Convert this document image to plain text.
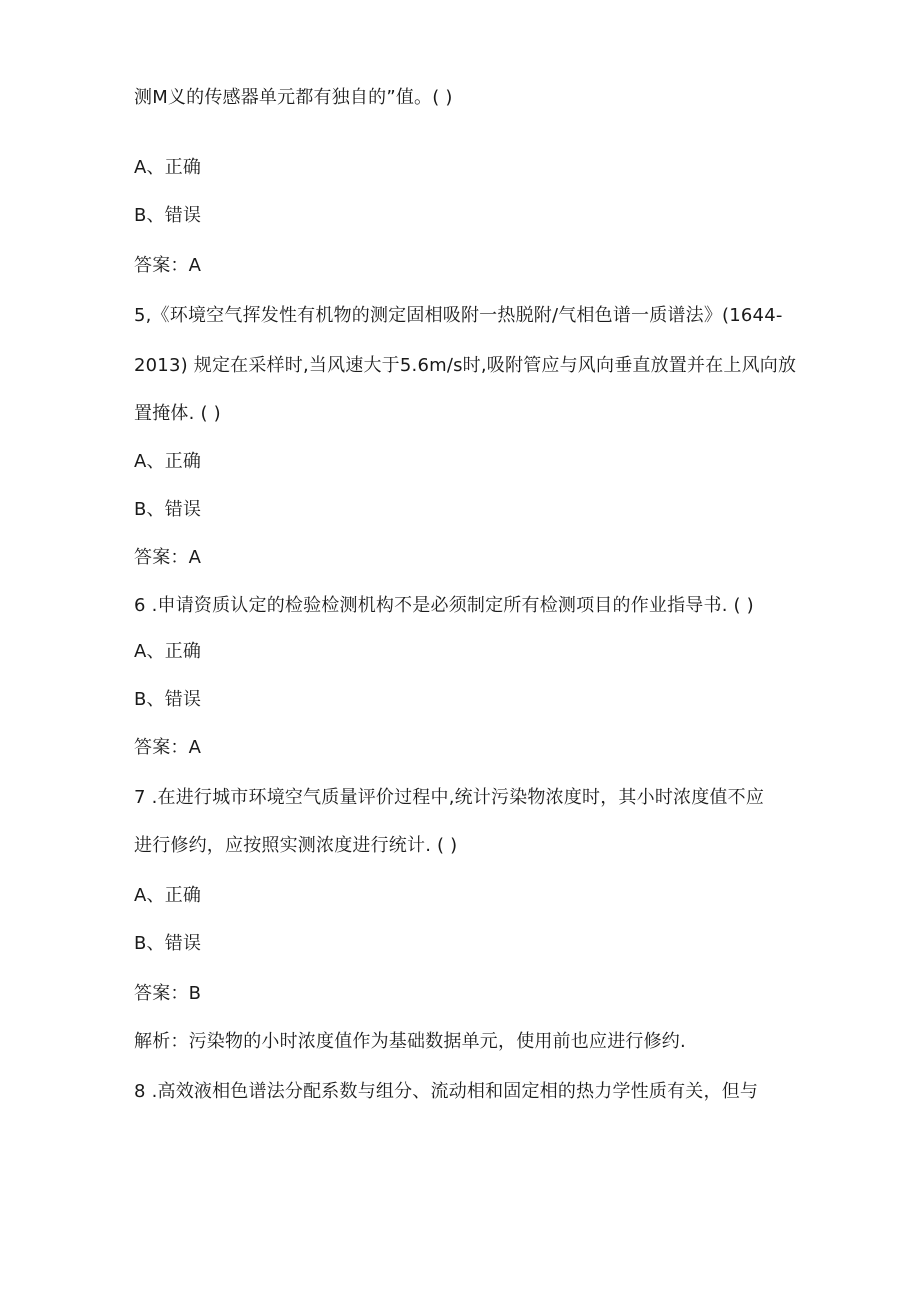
测M义的传感器单元都有独自的”值。( )
A、正确
B、错误
答案：A
5,《环境空气挥发性有机物的测定固相吸附一热脱附/气相色谱一质谱法》(1644-
2013) 规定在采样时,当风速大于5.6m∕s时,吸附管应与风向垂直放置并在上风向放
置掩体. ( )
A、正确
B、错误
答案：A
6 .申请资质认定的检验检测机构不是必须制定所有检测项目的作业指导书. ( )
A、正确
B、错误
答案：A
7 .在进行城市环境空气质量评价过程中,统计污染物浓度时，其小时浓度值不应
进行修约，应按照实测浓度进行统计. ( )
A、正确
B、错误
答案：B
解析：污染物的小时浓度值作为基础数据单元，使用前也应进行修约.
8 .高效液相色谱法分配系数与组分、流动相和固定相的热力学性质有关，但与
